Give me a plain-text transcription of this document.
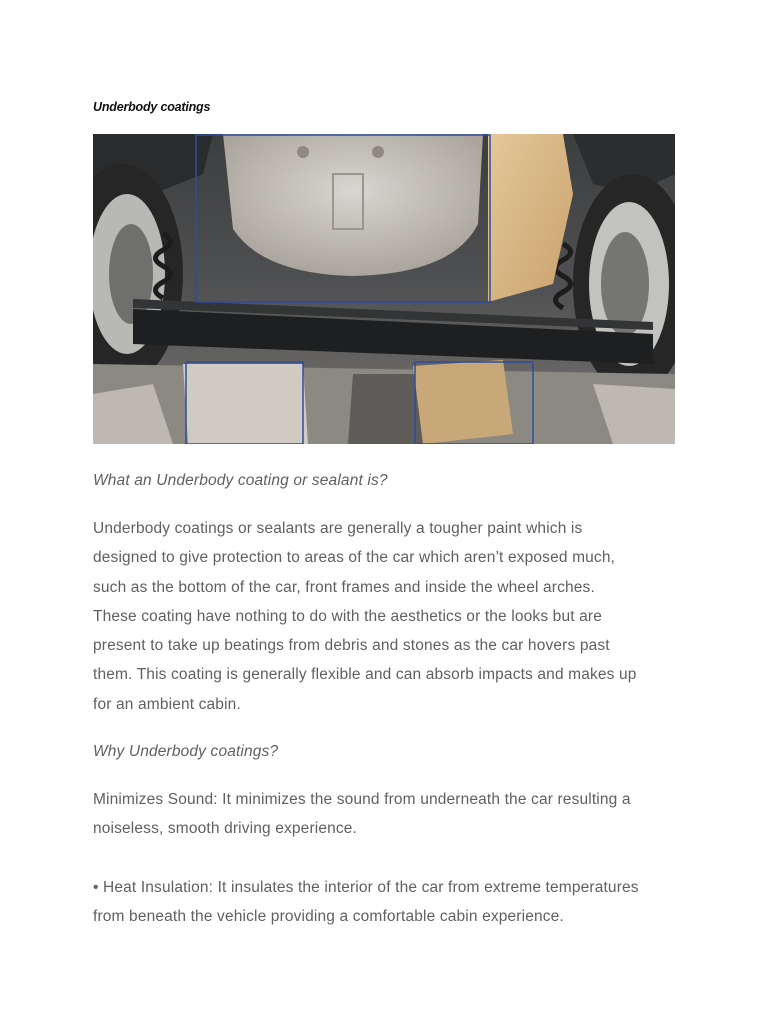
Underbody coatings
What an Underbody coating or sealant is?

Underbody coatings or sealants are generally a tougher paint which is
designed to give protection to areas of the car which aren’t exposed much,
such as the bottom of the car, front frames and inside the wheel arches.
These coating have nothing to do with the aesthetics or the looks but are
present to take up beatings from debris and stones as the car hovers past
them. This coating is generally flexible and can absorb impacts and makes up
for an ambient cabin.

Why Underbody coatings?

Minimizes Sound: It minimizes the sound from underneath the car resulting a
noiseless, smooth driving experience.

• Heat Insulation: It insulates the interior of the car from extreme temperatures
from beneath the vehicle providing a comfortable cabin experience.
